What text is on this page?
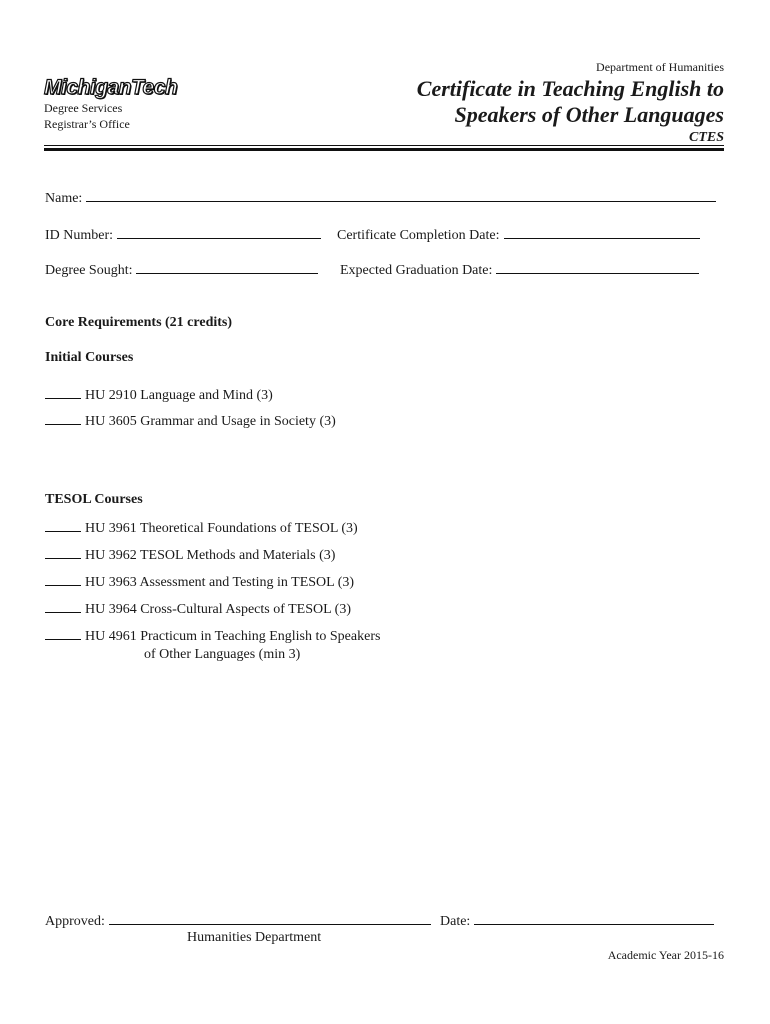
MichiganTech
Degree Services
Registrar’s Office
Department of Humanities
Certificate in Teaching English to
Speakers of Other Languages
CTES
Name:
ID Number:	Certificate Completion Date:
Degree Sought:	Expected Graduation Date:
Core Requirements (21 credits)
Initial Courses
HU 2910 Language and Mind (3)
HU 3605 Grammar and Usage in Society (3)
TESOL Courses
HU 3961 Theoretical Foundations of TESOL (3)
HU 3962 TESOL Methods and Materials (3)
HU 3963 Assessment and Testing in TESOL (3)
HU 3964 Cross-Cultural Aspects of TESOL (3)
HU 4961 Practicum in Teaching English to Speakers
of Other Languages (min 3)
Approved:	Date:
Humanities Department
Academic Year 2015-16
